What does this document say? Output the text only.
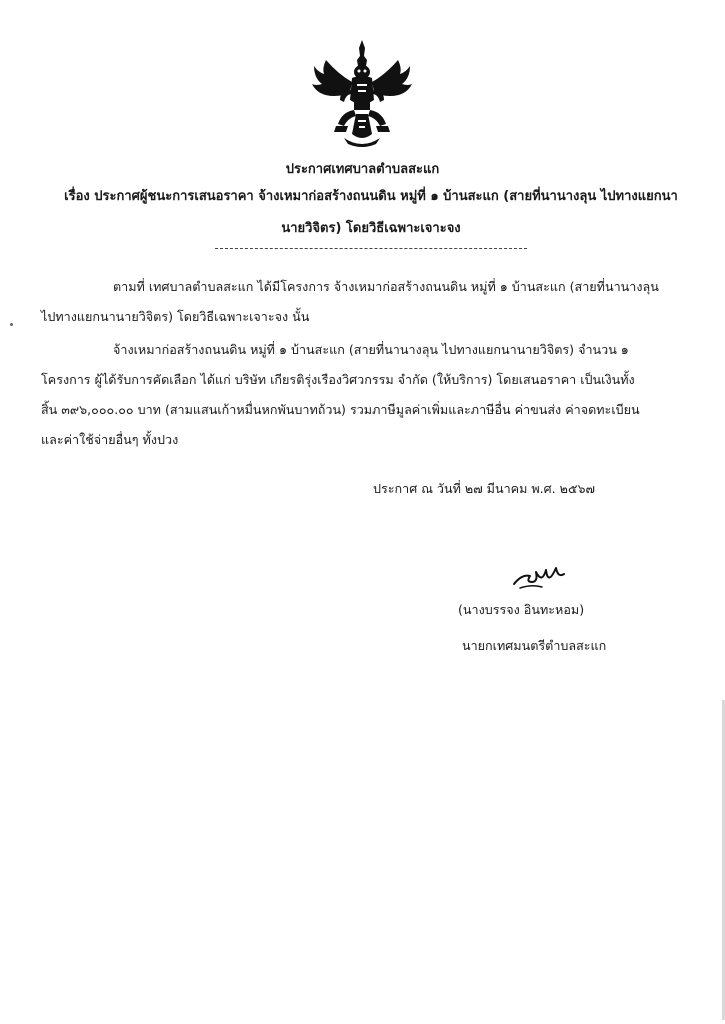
ประกาศเทศบาลตำบลสะแก
เรื่อง ประกาศผู้ชนะการเสนอราคา จ้างเหมาก่อสร้างถนนดิน หมู่ที่ ๑ บ้านสะแก (สายที่นานางลุน ไปทางแยกนา
นายวิจิตร) โดยวิธีเฉพาะเจาะจง
ตามที่ เทศบาลตำบลสะแก ได้มีโครงการ จ้างเหมาก่อสร้างถนนดิน หมู่ที่ ๑ บ้านสะแก (สายที่นานางลุน
ไปทางแยกนานายวิจิตร) โดยวิธีเฉพาะเจาะจง นั้น
จ้างเหมาก่อสร้างถนนดิน หมู่ที่ ๑ บ้านสะแก (สายที่นานางลุน ไปทางแยกนานายวิจิตร) จำนวน ๑
โครงการ ผู้ได้รับการคัดเลือก ได้แก่ บริษัท เกียรติรุ่งเรืองวิศวกรรม จำกัด (ให้บริการ) โดยเสนอราคา เป็นเงินทั้ง
สิ้น ๓๙๖,๐๐๐.๐๐ บาท (สามแสนเก้าหมื่นหกพันบาทถ้วน) รวมภาษีมูลค่าเพิ่มและภาษีอื่น ค่าขนส่ง ค่าจดทะเบียน
และค่าใช้จ่ายอื่นๆ ทั้งปวง
ประกาศ ณ วันที่ ๒๗ มีนาคม พ.ศ. ๒๕๖๗
(นางบรรจง อินทะหอม)
นายกเทศมนตรีตำบลสะแก
